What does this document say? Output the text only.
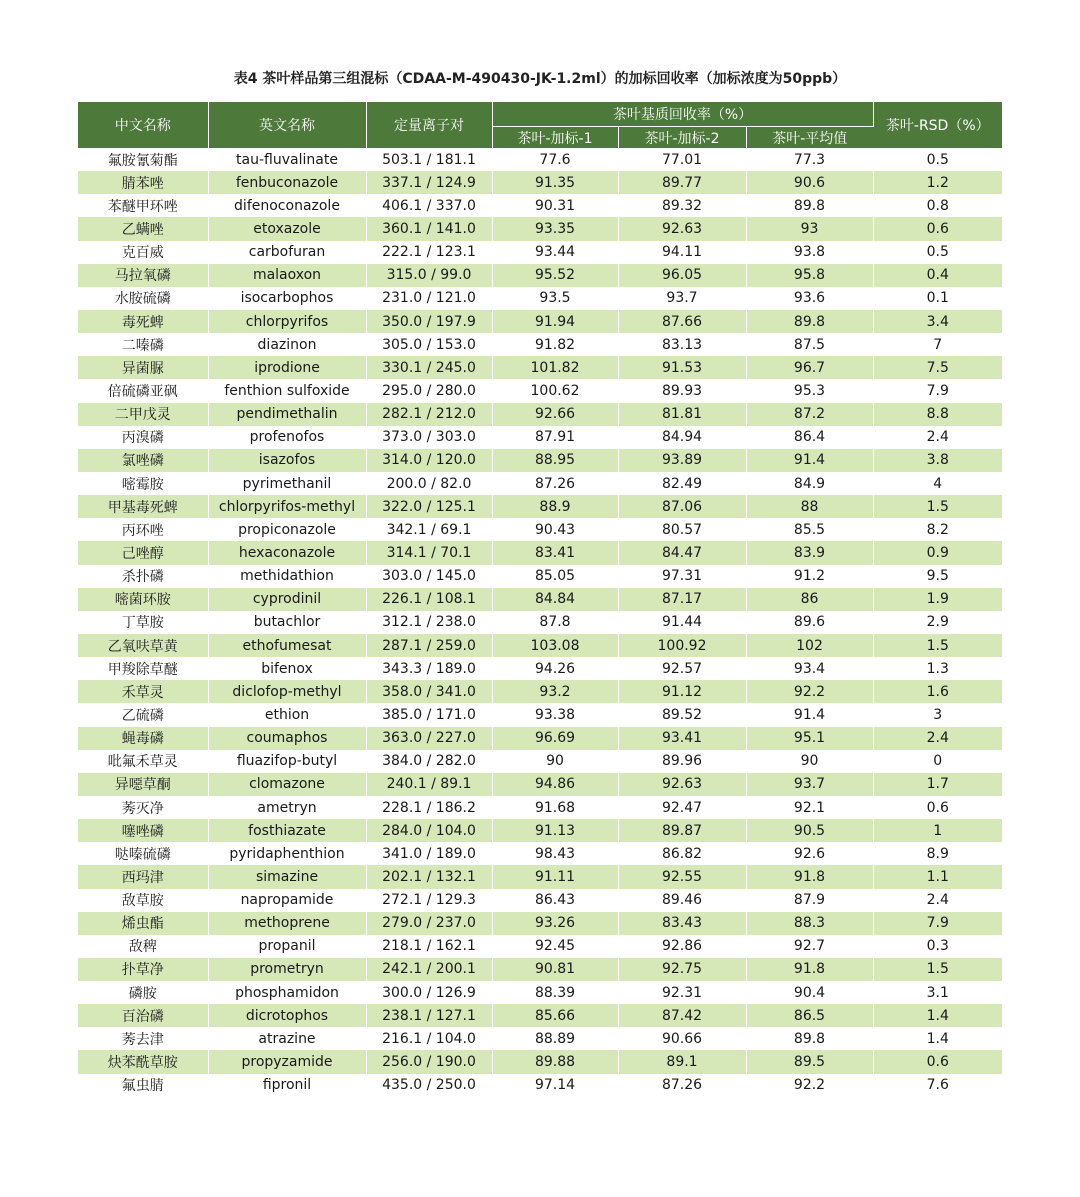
表4 茶叶样品第三组混标（CDAA-M-490430-JK-1.2ml）的加标回收率（加标浓度为50ppb）
中文名称	英文名称	定量离子对	茶叶基质回收率（%）			茶叶-RSD（%）
			茶叶-加标-1	茶叶-加标-2	茶叶-平均值	
氟胺氰菊酯	tau-fluvalinate	503.1 / 181.1	77.6	77.01	77.3	0.5
腈苯唑	fenbuconazole	337.1 / 124.9	91.35	89.77	90.6	1.2
苯醚甲环唑	difenoconazole	406.1 / 337.0	90.31	89.32	89.8	0.8
乙螨唑	etoxazole	360.1 / 141.0	93.35	92.63	93	0.6
克百威	carbofuran	222.1 / 123.1	93.44	94.11	93.8	0.5
马拉氧磷	malaoxon	315.0 / 99.0	95.52	96.05	95.8	0.4
水胺硫磷	isocarbophos	231.0 / 121.0	93.5	93.7	93.6	0.1
毒死蜱	chlorpyrifos	350.0 / 197.9	91.94	87.66	89.8	3.4
二嗪磷	diazinon	305.0 / 153.0	91.82	83.13	87.5	7
异菌脲	iprodione	330.1 / 245.0	101.82	91.53	96.7	7.5
倍硫磷亚砜	fenthion sulfoxide	295.0 / 280.0	100.62	89.93	95.3	7.9
二甲戊灵	pendimethalin	282.1 / 212.0	92.66	81.81	87.2	8.8
丙溴磷	profenofos	373.0 / 303.0	87.91	84.94	86.4	2.4
氯唑磷	isazofos	314.0 / 120.0	88.95	93.89	91.4	3.8
嘧霉胺	pyrimethanil	200.0 / 82.0	87.26	82.49	84.9	4
甲基毒死蜱	chlorpyrifos-methyl	322.0 / 125.1	88.9	87.06	88	1.5
丙环唑	propiconazole	342.1 / 69.1	90.43	80.57	85.5	8.2
己唑醇	hexaconazole	314.1 / 70.1	83.41	84.47	83.9	0.9
杀扑磷	methidathion	303.0 / 145.0	85.05	97.31	91.2	9.5
嘧菌环胺	cyprodinil	226.1 / 108.1	84.84	87.17	86	1.9
丁草胺	butachlor	312.1 / 238.0	87.8	91.44	89.6	2.9
乙氧呋草黄	ethofumesat	287.1 / 259.0	103.08	100.92	102	1.5
甲羧除草醚	bifenox	343.3 / 189.0	94.26	92.57	93.4	1.3
禾草灵	diclofop-methyl	358.0 / 341.0	93.2	91.12	92.2	1.6
乙硫磷	ethion	385.0 / 171.0	93.38	89.52	91.4	3
蝇毒磷	coumaphos	363.0 / 227.0	96.69	93.41	95.1	2.4
吡氟禾草灵	fluazifop-butyl	384.0 / 282.0	90	89.96	90	0
异噁草酮	clomazone	240.1 / 89.1	94.86	92.63	93.7	1.7
莠灭净	ametryn	228.1 / 186.2	91.68	92.47	92.1	0.6
噻唑磷	fosthiazate	284.0 / 104.0	91.13	89.87	90.5	1
哒嗪硫磷	pyridaphenthion	341.0 / 189.0	98.43	86.82	92.6	8.9
西玛津	simazine	202.1 / 132.1	91.11	92.55	91.8	1.1
敌草胺	napropamide	272.1 / 129.3	86.43	89.46	87.9	2.4
烯虫酯	methoprene	279.0 / 237.0	93.26	83.43	88.3	7.9
敌稗	propanil	218.1 / 162.1	92.45	92.86	92.7	0.3
扑草净	prometryn	242.1 / 200.1	90.81	92.75	91.8	1.5
磷胺	phosphamidon	300.0 / 126.9	88.39	92.31	90.4	3.1
百治磷	dicrotophos	238.1 / 127.1	85.66	87.42	86.5	1.4
莠去津	atrazine	216.1 / 104.0	88.89	90.66	89.8	1.4
炔苯酰草胺	propyzamide	256.0 / 190.0	89.88	89.1	89.5	0.6
氟虫腈	fipronil	435.0 / 250.0	97.14	87.26	92.2	7.6
